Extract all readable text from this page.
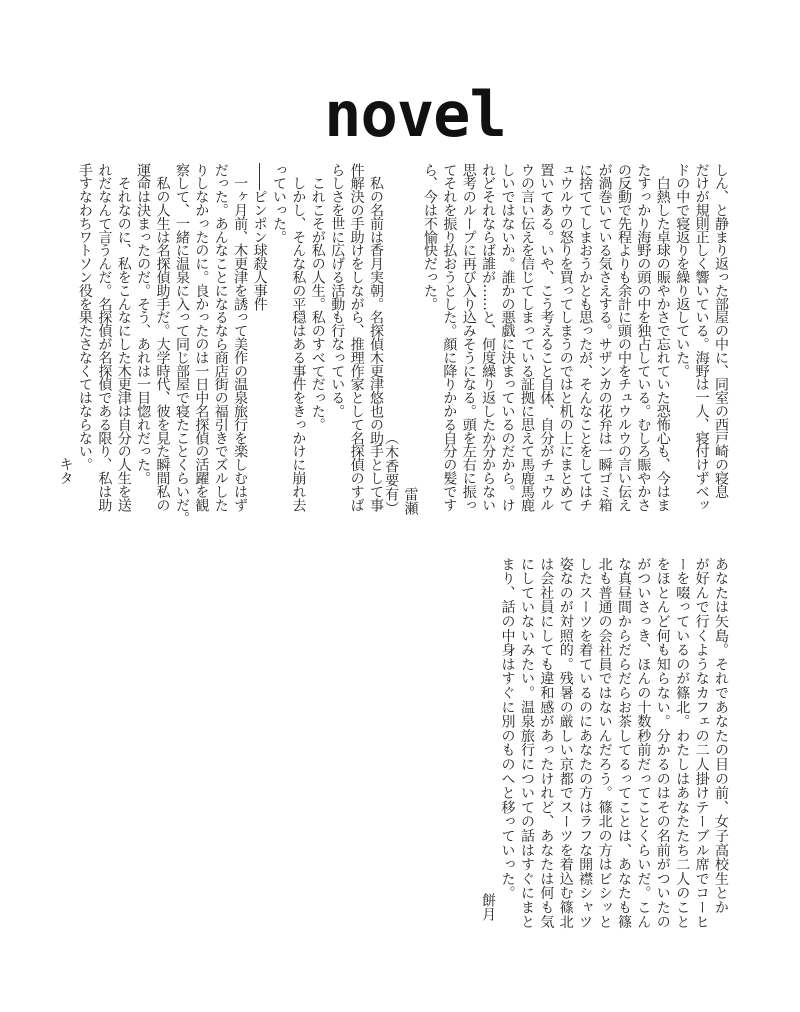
novel
しん、と静まり返った部屋の中に、同室の西戸崎の寝息
だけが規則正しく響いている。海野は一人、寝付けずベッ
ドの中で寝返りを繰り返していた。
　白熱した卓球の賑やかさで忘れていた恐怖心も、今はま
たすっかり海野の頭の中を独占している。むしろ賑やかさ
の反動で先程よりも余計に頭の中をチュウルウの言い伝え
が渦巻いている気さえする。サザンカの花弁は一瞬ゴミ箱
に捨ててしまおうかとも思ったが、そんなことをしてはチ
ュウルウの怒りを買ってしまうのではと机の上にまとめて
置いてある。いや、こう考えること自体、自分がチュウル
ウの言い伝えを信じてしまっている証拠に思えて馬鹿馬鹿
しいではないか。誰かの悪戯に決まっているのだから。け
れどそれならば誰が……と、何度繰り返したか分からない
思考のループに再び入り込みそうになる。頭を左右に振っ
てそれを振り払おうとした。顔に降りかかる自分の髪です
ら、今は不愉快だった。
雷瀬
（木香要有）
　私の名前は香月実朝。名探偵木更津悠也の助手として事
件解決の手助けをしながら、推理作家として名探偵のすば
らしさを世に広げる活動も行なっている。
　これこそが私の人生。私のすべてだった。
　しかし、そんな私の平穏はある事件をきっかけに崩れ去
っていった。
――ピンポン球殺人事件
　一ヶ月前、木更津を誘って美作の温泉旅行を楽しむはず
だった。あんなことになるなら商店街の福引きでズルした
りしなかったのに。良かったのは一日中名探偵の活躍を観
察して、一緒に温泉に入って同じ部屋で寝たことくらいだ。
　私の人生は名探偵助手だ。大学時代、彼を見た瞬間私の
運命は決まったのだ。そう、あれは一目惚れだった。
　それなのに、私をこんなにした木更津は自分の人生を送
れだなんて言うんだ。名探偵が名探偵である限り、私は助
手すなわちワトソン役を果たさなくてはならない。
キタ
あなたは矢島。それであなたの目の前、女子高校生とか
が好んで行くようなカフェの二人掛けテーブル席でコーヒ
ーを啜っているのが篠北。わたしはあなたたち二人のこと
をほとんど何も知らない。分かるのはその名前がついたの
がついさっき、ほんの十数秒前だってことくらいだ。こん
な真昼間からだらだらお茶してるってことは、あなたも篠
北も普通の会社員ではないんだろう。篠北の方はビシッと
したスーツを着ているのにあなたの方はラフな開襟シャツ
姿なのが対照的。残暑の厳しい京都でスーツを着込む篠北
は会社員にしても違和感があったけれど、あなたは何も気
にしていないみたい。温泉旅行についての話はすぐにまと
まり、話の中身はすぐに別のものへと移っていった。
餅月
